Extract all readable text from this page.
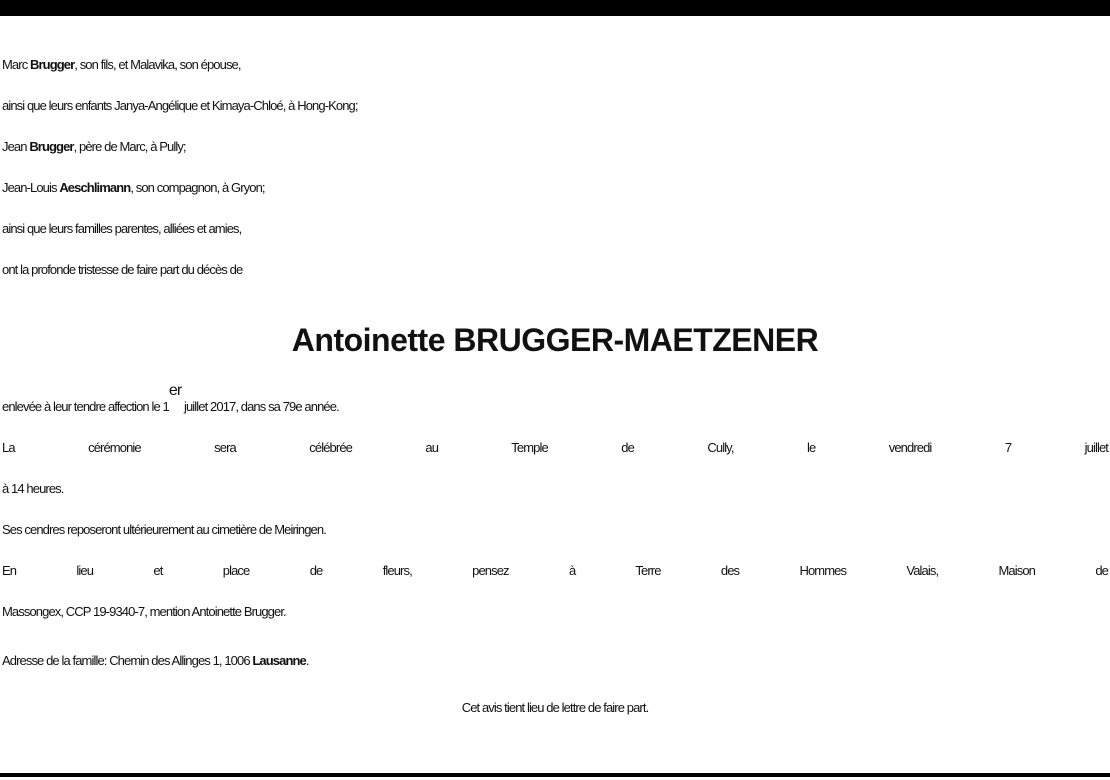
Marc Brugger, son fils, et Malavika, son épouse,

ainsi que leurs enfants Janya-Angélique et Kimaya-Chloé, à Hong-Kong;

Jean Brugger, père de Marc, à Pully;

Jean-Louis Aeschlimann, son compagnon, à Gryon;

ainsi que leurs familles parentes, alliées et amies,

ont la profonde tristesse de faire part du décès de

Antoinette BRUGGER-MAETZENER

enlevée à leur tendre affection le 1er juillet 2017, dans sa 79e année.

La cérémonie sera célébrée au Temple de Cully, le vendredi 7 juillet

à 14 heures.

Ses cendres reposeront ultérieurement au cimetière de Meiringen.

En lieu et place de fleurs, pensez à Terre des Hommes Valais, Maison de

Massongex, CCP 19-9340-7, mention Antoinette Brugger.

Adresse de la famille: Chemin des Allinges 1, 1006 Lausanne.

Cet avis tient lieu de lettre de faire part.
